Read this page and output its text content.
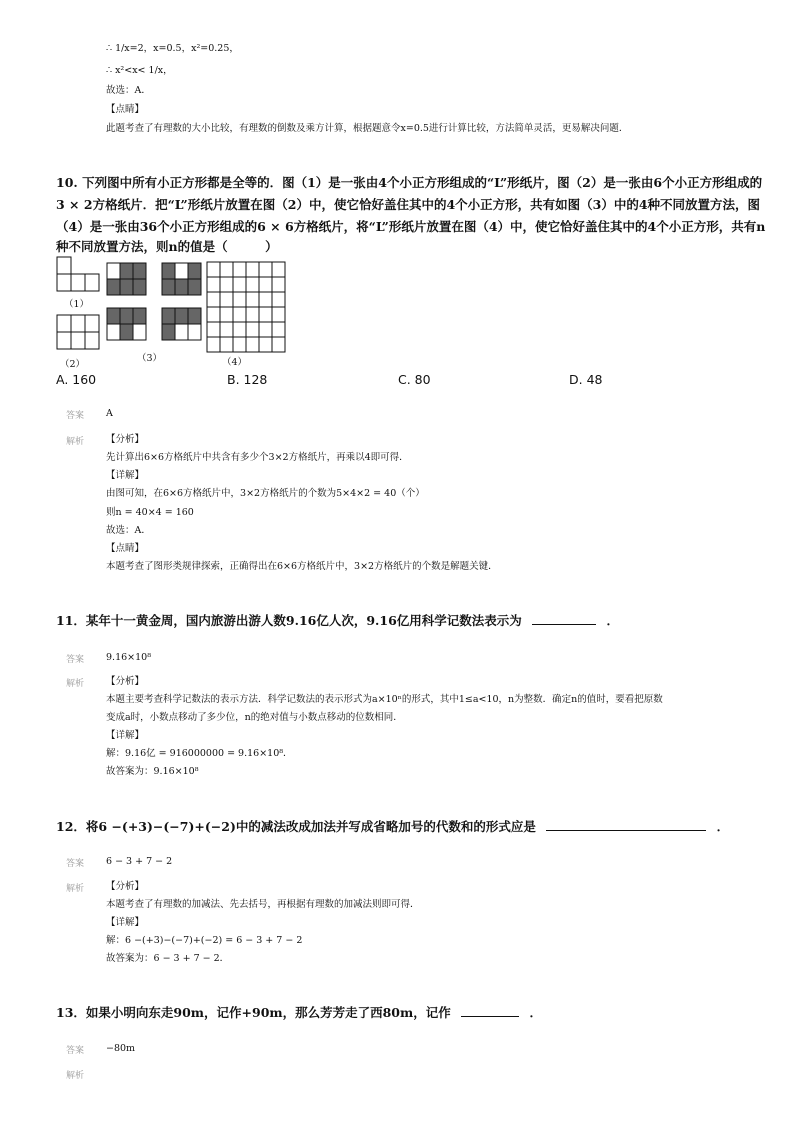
∴ 1/x=2，x=0.5，x²=0.25，
∴ x²<x< 1/x，
故选：A．
【点睛】
此题考查了有理数的大小比较，有理数的倒数及乘方计算，根据题意令x=0.5进行计算比较，方法简单灵活，更易解决问题．
10. 下列图中所有小正方形都是全等的．图（1）是一张由4个小正方形组成的“L”形纸片，图（2）是一张由6个小正方形组成的
3 × 2方格纸片．把“L”形纸片放置在图（2）中，使它恰好盖住其中的4个小正方形，共有如图（3）中的4种不同放置方法，图
（4）是一张由36个小正方形组成的6 × 6方格纸片，将“L”形纸片放置在图（4）中，使它恰好盖住其中的4个小正方形，共有n
种不同放置方法，则n的值是（　　　）
（1）
（2）
（3）	（4）
A. 160	B. 128	C. 80	D. 48
答案 A
解析 【分析】
先计算出6×6方格纸片中共含有多少个3×2方格纸片，再乘以4即可得．
【详解】
由图可知，在6×6方格纸片中，3×2方格纸片的个数为5×4×2 = 40（个）
则n = 40×4 = 160
故选：A．
【点睛】
本题考查了图形类规律探索，正确得出在6×6方格纸片中，3×2方格纸片的个数是解题关键．
11．某年十一黄金周，国内旅游出游人数9.16亿人次，9.16亿用科学记数法表示为	．
答案 9.16×10⁸
解析 【分析】
本题主要考查科学记数法的表示方法．科学记数法的表示形式为a×10ⁿ的形式，其中1≤a<10，n为整数．确定n的值时，要看把原数
变成a时，小数点移动了多少位，n的绝对值与小数点移动的位数相同．
【详解】
解：9.16亿 = 916000000 = 9.16×10⁸．
故答案为：9.16×10⁸
12．将6 −(+3)−(−7)+(−2)中的减法改成加法并写成省略加号的代数和的形式应是	．
答案 6 − 3 + 7 − 2
解析 【分析】
本题考查了有理数的加减法、先去括号，再根据有理数的加减法则即可得．
【详解】
解：6 −(+3)−(−7)+(−2) = 6 − 3 + 7 − 2
故答案为：6 − 3 + 7 − 2．
13．如果小明向东走90m，记作+90m，那么芳芳走了西80m，记作	．
答案 −80m
解析
